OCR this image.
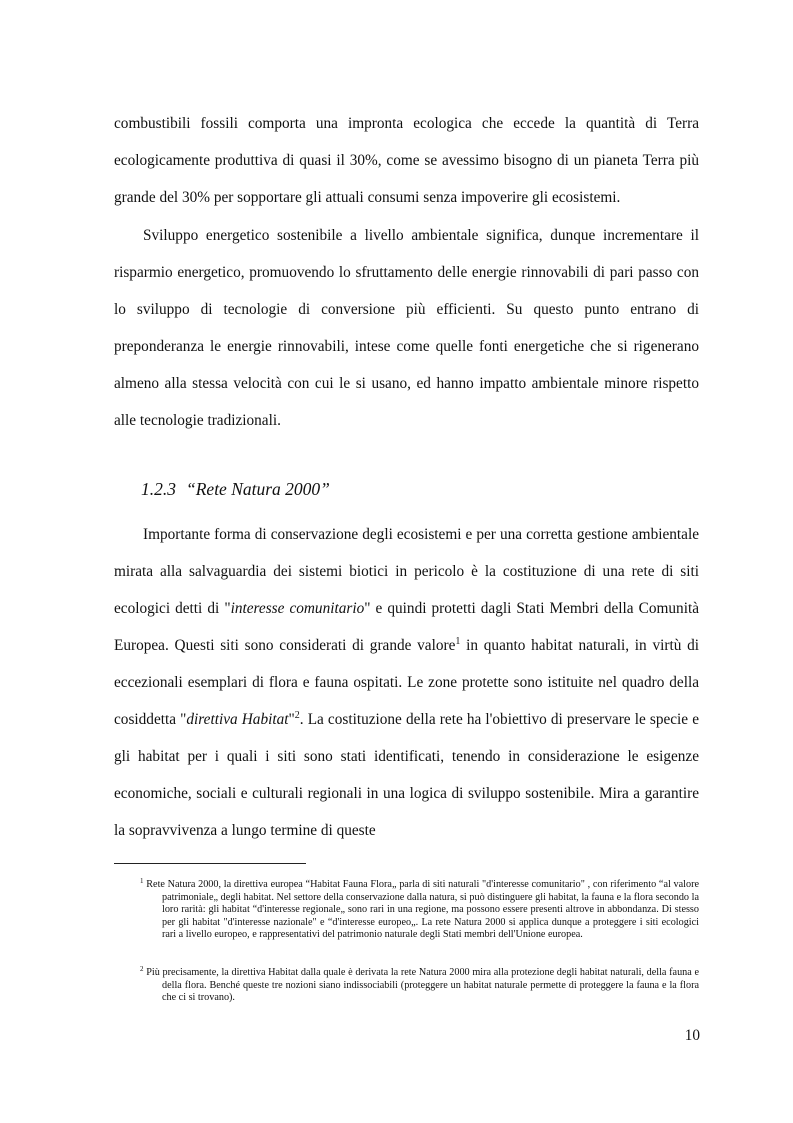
combustibili fossili comporta una impronta ecologica che eccede la quantità di Terra ecologicamente produttiva di quasi il 30%, come se avessimo bisogno di un pianeta Terra più grande del 30% per sopportare gli attuali consumi senza impoverire gli ecosistemi.

Sviluppo energetico sostenibile a livello ambientale significa, dunque incrementare il risparmio energetico, promuovendo lo sfruttamento delle energie rinnovabili di pari passo con lo sviluppo di tecnologie di conversione più efficienti. Su questo punto entrano di preponderanza le energie rinnovabili, intese come quelle fonti energetiche che si rigenerano almeno alla stessa velocità con cui le si usano, ed hanno impatto ambientale minore rispetto alle tecnologie tradizionali.

1.2.3 “Rete Natura 2000”

Importante forma di conservazione degli ecosistemi e per una corretta gestione ambientale mirata alla salvaguardia dei sistemi biotici in pericolo è la costituzione di una rete di siti ecologici detti di "interesse comunitario" e quindi protetti dagli Stati Membri della Comunità Europea. Questi siti sono considerati di grande valore$^1$ in quanto habitat naturali, in virtù di eccezionali esemplari di flora e fauna ospitati. Le zone protette sono istituite nel quadro della cosiddetta "direttiva Habitat"$^2$. La costituzione della rete ha l'obiettivo di preservare le specie e gli habitat per i quali i siti sono stati identificati, tenendo in considerazione le esigenze economiche, sociali e culturali regionali in una logica di sviluppo sostenibile. Mira a garantire la sopravvivenza a lungo termine di queste

$^1$ Rete Natura 2000, la direttiva europea “Habitat Fauna Flora„ parla di siti naturali "d'interesse comunitario" , con riferimento “al valore patrimoniale„ degli habitat. Nel settore della conservazione dalla natura, si può distinguere gli habitat, la fauna e la flora secondo la loro rarità: gli habitat “d'interesse regionale„ sono rari in una regione, ma possono essere presenti altrove in abbondanza. Di stesso per gli habitat "d'interesse nazionale" e “d'interesse europeo„. La rete Natura 2000 si applica dunque a proteggere i siti ecologici rari a livello europeo, e rappresentativi del patrimonio naturale degli Stati membri dell'Unione europea.

$^2$ Più precisamente, la direttiva Habitat dalla quale è derivata la rete Natura 2000 mira alla protezione degli habitat naturali, della fauna e della flora. Benché queste tre nozioni siano indissociabili (proteggere un habitat naturale permette di proteggere la fauna e la flora che ci si trovano).

10
